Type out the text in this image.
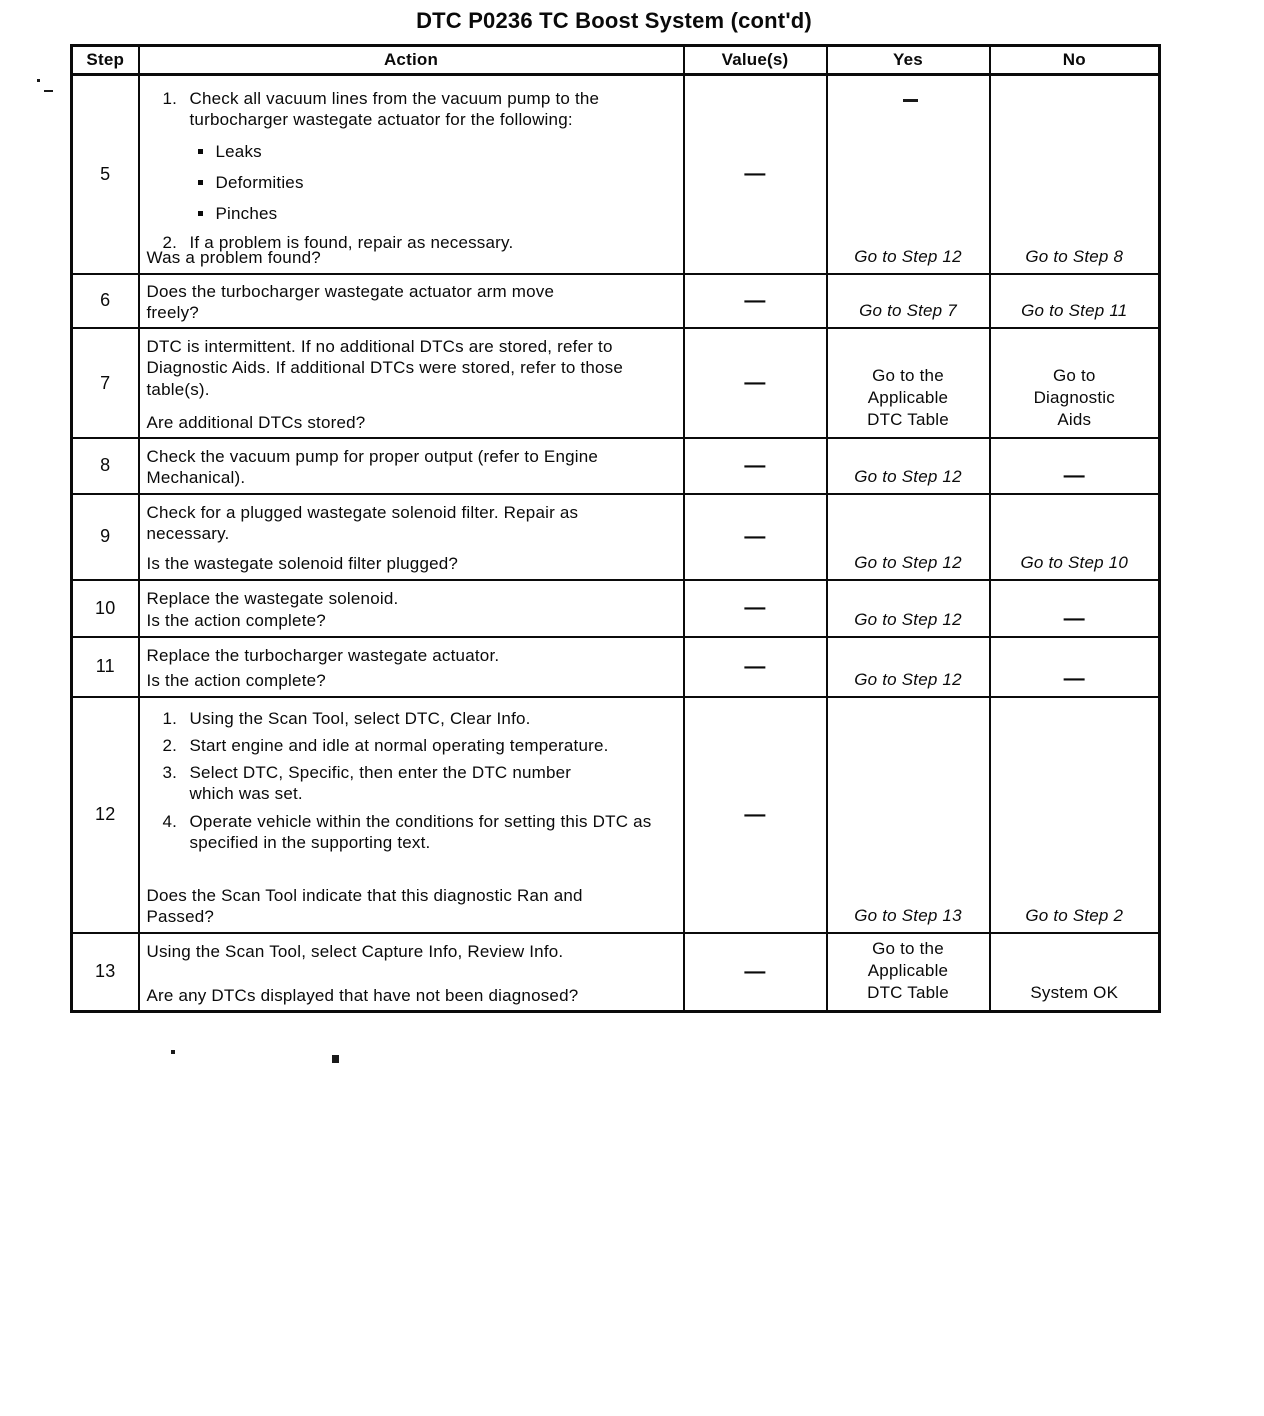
DTC P0236 TC Boost System (cont'd)
Step	Action	Value(s)	Yes	No
5	
1. Check all vacuum lines from the vacuum pump to the turbocharger wastegate actuator for the following:
Leaks
Deformities
Pinches
2. If a problem is found, repair as necessary.
Was a problem found?
	—	Go to Step 12	Go to Step 8
6	Does the turbocharger wastegate actuator arm move freely?	—	Go to Step 7	Go to Step 11
7	DTC is intermittent. If no additional DTCs are stored, refer to Diagnostic Aids. If additional DTCs were stored, refer to those table(s).

Are additional DTCs stored?	—	Go to the Applicable DTC Table	Go to Diagnostic Aids
8	Check the vacuum pump for proper output (refer to Engine Mechanical).	—	Go to Step 12	—
9	Check for a plugged wastegate solenoid filter. Repair as necessary.

Is the wastegate solenoid filter plugged?	—	Go to Step 12	Go to Step 10
10	Replace the wastegate solenoid.

Is the action complete?	—	Go to Step 12	—
11	Replace the turbocharger wastegate actuator.

Is the action complete?	—	Go to Step 12	—
12	
1. Using the Scan Tool, select DTC, Clear Info.
2. Start engine and idle at normal operating temperature.
3. Select DTC, Specific, then enter the DTC number which was set.
4. Operate vehicle within the conditions for setting this DTC as specified in the supporting text.
Does the Scan Tool indicate that this diagnostic Ran and Passed?
	—	Go to Step 13	Go to Step 2
13	Using the Scan Tool, select Capture Info, Review Info.

Are any DTCs displayed that have not been diagnosed?	—	Go to the Applicable DTC Table	System OK
